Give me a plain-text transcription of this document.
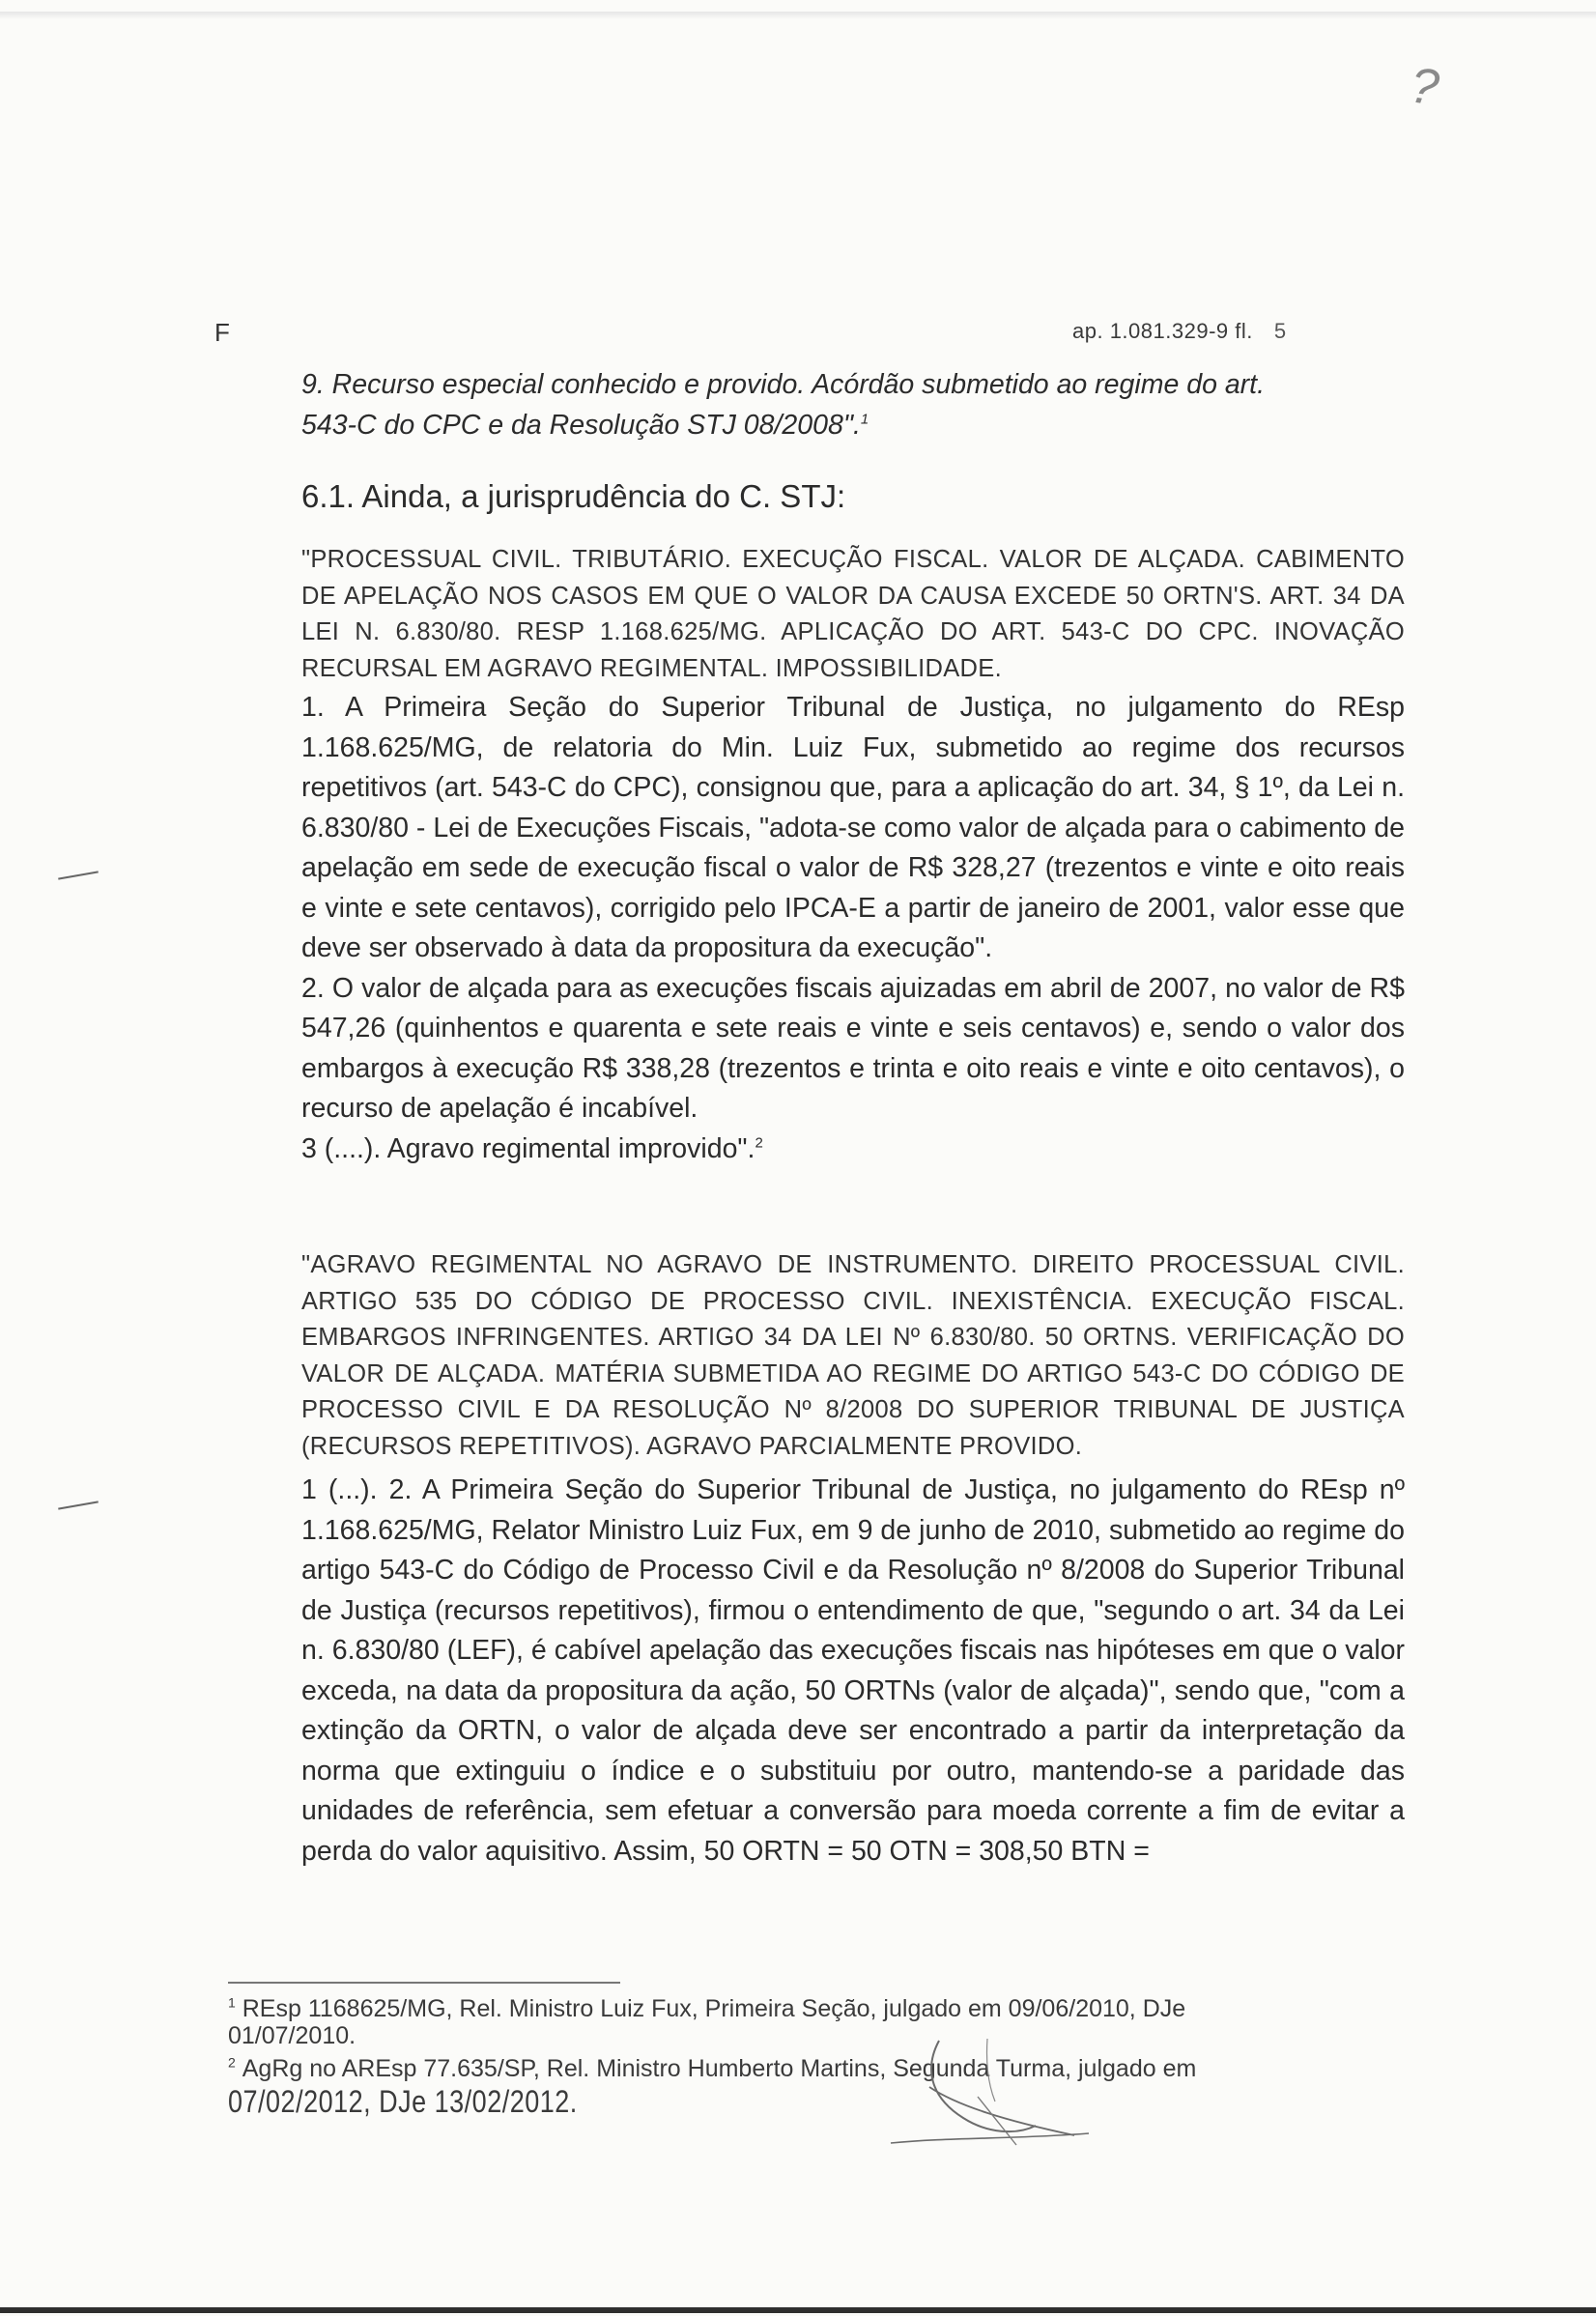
?
F	ap. 1.081.329-9 fl. 5

9. Recurso especial conhecido e provido. Acórdão submetido ao regime do art.

543-C do CPC e da Resolução STJ 08/2008".$^1$

6.1. Ainda, a jurisprudência do C. STJ:

"PROCESSUAL CIVIL. TRIBUTÁRIO. EXECUÇÃO FISCAL. VALOR DE ALÇADA. CABIMENTO DE APELAÇÃO NOS CASOS EM QUE O VALOR DA CAUSA EXCEDE 50 ORTN'S. ART. 34 DA LEI N. 6.830/80. RESP 1.168.625/MG. APLICAÇÃO DO ART. 543-C DO CPC. INOVAÇÃO RECURSAL EM AGRAVO REGIMENTAL. IMPOSSIBILIDADE.

1. A Primeira Seção do Superior Tribunal de Justiça, no julgamento do REsp 1.168.625/MG, de relatoria do Min. Luiz Fux, submetido ao regime dos recursos repetitivos (art. 543-C do CPC), consignou que, para a aplicação do art. 34, § 1º, da Lei n. 6.830/80 - Lei de Execuções Fiscais, "adota-se como valor de alçada para o cabimento de apelação em sede de execução fiscal o valor de R$ 328,27 (trezentos e vinte e oito reais e vinte e sete centavos), corrigido pelo IPCA-E a partir de janeiro de 2001, valor esse que deve ser observado à data da propositura da execução".

2. O valor de alçada para as execuções fiscais ajuizadas em abril de 2007, no valor de R$ 547,26 (quinhentos e quarenta e sete reais e vinte e seis centavos) e, sendo o valor dos embargos à execução R$ 338,28 (trezentos e trinta e oito reais e vinte e oito centavos), o recurso de apelação é incabível.

3 (....). Agravo regimental improvido".$^2$

"AGRAVO REGIMENTAL NO AGRAVO DE INSTRUMENTO. DIREITO PROCESSUAL CIVIL. ARTIGO 535 DO CÓDIGO DE PROCESSO CIVIL. INEXISTÊNCIA. EXECUÇÃO FISCAL. EMBARGOS INFRINGENTES. ARTIGO 34 DA LEI Nº 6.830/80. 50 ORTNS. VERIFICAÇÃO DO VALOR DE ALÇADA. MATÉRIA SUBMETIDA AO REGIME DO ARTIGO 543-C DO CÓDIGO DE PROCESSO CIVIL E DA RESOLUÇÃO Nº 8/2008 DO SUPERIOR TRIBUNAL DE JUSTIÇA (RECURSOS REPETITIVOS). AGRAVO PARCIALMENTE PROVIDO.

1 (...). 2. A Primeira Seção do Superior Tribunal de Justiça, no julgamento do REsp nº 1.168.625/MG, Relator Ministro Luiz Fux, em 9 de junho de 2010, submetido ao regime do artigo 543-C do Código de Processo Civil e da Resolução nº 8/2008 do Superior Tribunal de Justiça (recursos repetitivos), firmou o entendimento de que, "segundo o art. 34 da Lei n. 6.830/80 (LEF), é cabível apelação das execuções fiscais nas hipóteses em que o valor exceda, na data da propositura da ação, 50 ORTNs (valor de alçada)", sendo que, "com a extinção da ORTN, o valor de alçada deve ser encontrado a partir da interpretação da norma que extinguiu o índice e o substituiu por outro, mantendo-se a paridade das unidades de referência, sem efetuar a conversão para moeda corrente a fim de evitar a perda do valor aquisitivo. Assim, 50 ORTN = 50 OTN = 308,50 BTN =

$^1$ REsp 1168625/MG, Rel. Ministro Luiz Fux, Primeira Seção, julgado em 09/06/2010, DJe

01/07/2010.

$^2$ AgRg no AREsp 77.635/SP, Rel. Ministro Humberto Martins, Segunda Turma, julgado em

07/02/2012, DJe 13/02/2012.
